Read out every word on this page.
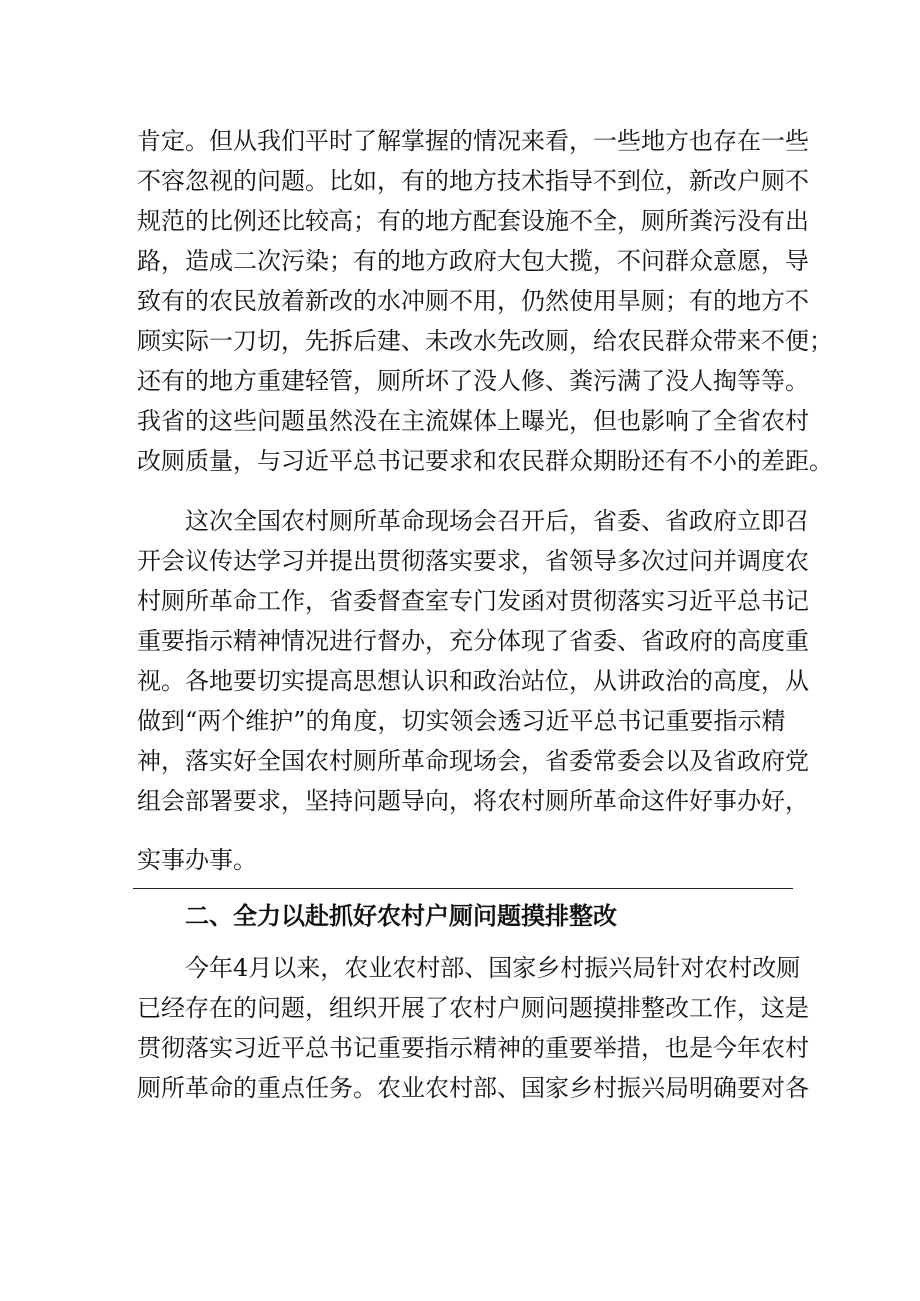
肯定。但从我们平时了解掌握的情况来看，一些地方也存在一些
不容忽视的问题。比如，有的地方技术指导不到位，新改户厕不
规范的比例还比较高；有的地方配套设施不全，厕所粪污没有出
路，造成二次污染；有的地方政府大包大揽，不问群众意愿，导
致有的农民放着新改的水冲厕不用，仍然使用旱厕；有的地方不
顾实际一刀切，先拆后建、未改水先改厕，给农民群众带来不便；
还有的地方重建轻管，厕所坏了没人修、粪污满了没人掏等等。
我省的这些问题虽然没在主流媒体上曝光，但也影响了全省农村
改厕质量，与习近平总书记要求和农民群众期盼还有不小的差距。
这次全国农村厕所革命现场会召开后，省委、省政府立即召
开会议传达学习并提出贯彻落实要求，省领导多次过问并调度农
村厕所革命工作，省委督查室专门发函对贯彻落实习近平总书记
重要指示精神情况进行督办，充分体现了省委、省政府的高度重
视。各地要切实提高思想认识和政治站位，从讲政治的高度，从
做到“两个维护”的角度，切实领会透习近平总书记重要指示精
神，落实好全国农村厕所革命现场会，省委常委会以及省政府党
组会部署要求，坚持问题导向，将农村厕所革命这件好事办好，
实事办事。
二、全力以赴抓好农村户厕问题摸排整改
今年4月以来，农业农村部、国家乡村振兴局针对农村改厕
已经存在的问题，组织开展了农村户厕问题摸排整改工作，这是
贯彻落实习近平总书记重要指示精神的重要举措，也是今年农村
厕所革命的重点任务。农业农村部、国家乡村振兴局明确要对各
